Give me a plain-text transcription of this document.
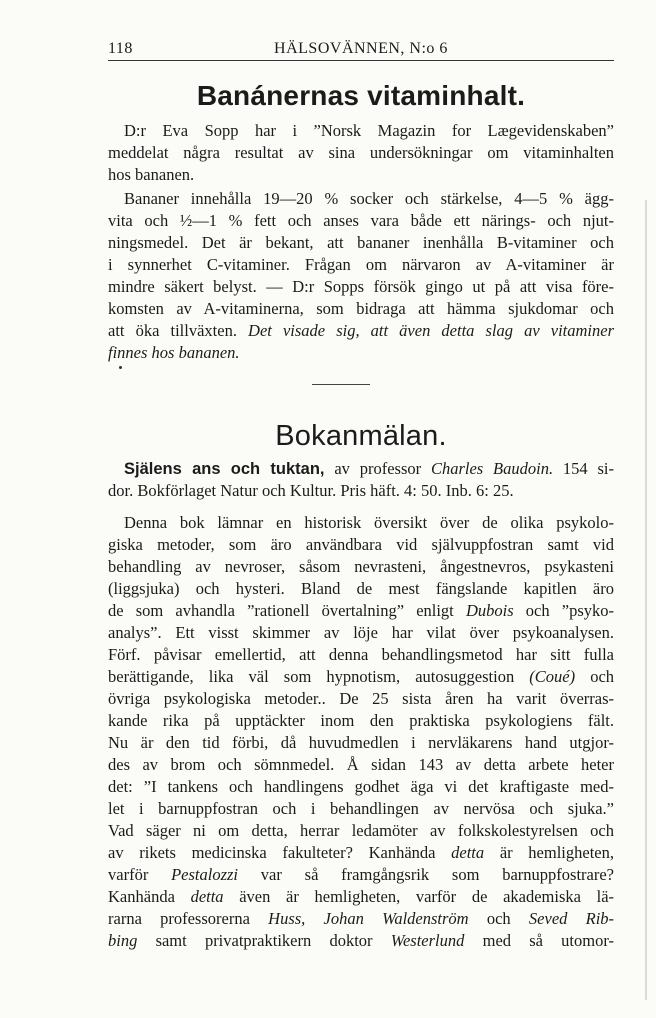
118	HÄLSOVÄNNEN, N:o 6
Banánernas vitaminhalt.
D:r Eva Sopp har i ”Norsk Magazin for Lægevidenskaben”
meddelat några resultat av sina undersökningar om vitaminhalten
hos bananen.
Bananer innehålla 19—20 % socker och stärkelse, 4—5 % ägg-
vita och ½—1 % fett och anses vara både ett närings- och njut-
ningsmedel. Det är bekant, att bananer inenhålla B-vitaminer och
i synnerhet C-vitaminer. Frågan om närvaron av A-vitaminer är
mindre säkert belyst. — D:r Sopps försök gingo ut på att visa före-
komsten av A-vitaminerna, som bidraga att hämma sjukdomar och
att öka tillväxten. Det visade sig, att även detta slag av vitaminer
finnes hos bananen.
Bokanmälan.
Själens ans och tuktan, av professor Charles Baudoin. 154 si-
dor. Bokförlaget Natur och Kultur. Pris häft. 4: 50. Inb. 6: 25.
Denna bok lämnar en historisk översikt över de olika psykolo-
giska metoder, som äro användbara vid självuppfostran samt vid
behandling av nevroser, såsom nevrasteni, ångestnevros, psykasteni
(liggsjuka) och hysteri. Bland de mest fängslande kapitlen äro
de som avhandla ”rationell övertalning” enligt Dubois och ”psyko-
analys”. Ett visst skimmer av löje har vilat över psykoanalysen.
Förf. påvisar emellertid, att denna behandlingsmetod har sitt fulla
berättigande, lika väl som hypnotism, autosuggestion (Coué) och
övriga psykologiska metoder.. De 25 sista åren ha varit överras-
kande rika på upptäckter inom den praktiska psykologiens fält.
Nu är den tid förbi, då huvudmedlen i nervläkarens hand utgjor-
des av brom och sömnmedel. Å sidan 143 av detta arbete heter
det: ”I tankens och handlingens godhet äga vi det kraftigaste med-
let i barnuppfostran och i behandlingen av nervösa och sjuka.”
Vad säger ni om detta, herrar ledamöter av folkskolestyrelsen och
av rikets medicinska fakulteter? Kanhända detta är hemligheten,
varför Pestalozzi var så framgångsrik som barnuppfostrare?
Kanhända detta även är hemligheten, varför de akademiska lä-
rarna professorerna Huss, Johan Waldenström och Seved Rib-
bing samt privatpraktikern doktor Westerlund med så utomor-
